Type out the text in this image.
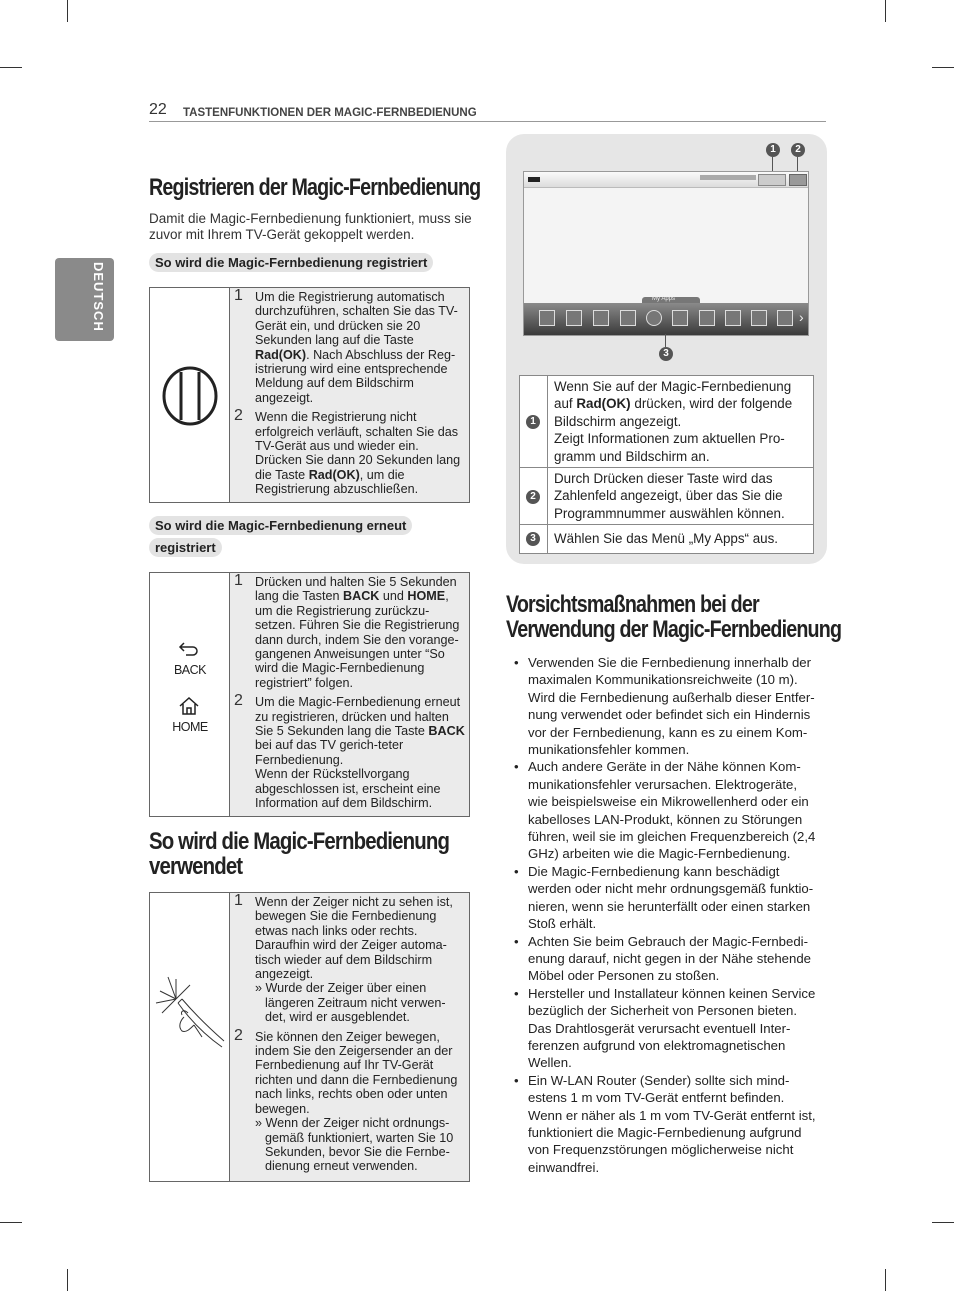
22 TASTENFUNKTIONEN DER MAGIC-FERNBEDIENUNG
DEUTSCH
Registrieren der Magic-Fernbedienung
Damit die Magic-Fernbedienung funktioniert, muss sie zuvor mit Ihrem TV-Gerät gekoppelt werden.
So wird die Magic-Fernbedienung registriert
1 Um die Registrierung automatisch durchzuführen, schalten Sie das TV-Gerät ein, und drücken sie 20 Sekunden lang auf die Taste Rad(OK). Nach Abschluss der Reg-istrierung wird eine entsprechende Meldung auf dem Bildschirm angezeigt.
2 Wenn die Registrierung nicht erfolgreich verläuft, schalten Sie das TV-Gerät aus und wieder ein. Drücken Sie dann 20 Sekunden lang die Taste Rad(OK), um die Registrierung abzuschließen.
So wird die Magic-Fernbedienung erneut
registriert
BACK
HOME
1 Drücken und halten Sie 5 Sekunden lang die Tasten BACK und HOME, um die Registrierung zurückzu-setzen. Führen Sie die Registrierung dann durch, indem Sie den vorange-gangenen Anweisungen unter “So wird die Magic-Fernbedienung registriert” folgen.
2 Um die Magic-Fernbedienung erneut zu registrieren, drücken und halten Sie 5 Sekunden lang die Taste BACK bei auf das TV gerich-teter Fernbedienung.
Wenn der Rückstellvorgang abgeschlossen ist, erscheint eine Information auf dem Bildschirm.
So wird die Magic-Fernbedienung
verwendet
1 Wenn der Zeiger nicht zu sehen ist, bewegen Sie die Fernbedienung etwas nach links oder rechts. Daraufhin wird der Zeiger automa-tisch wieder auf dem Bildschirm angezeigt.
» Wurde der Zeiger über einen längeren Zeitraum nicht verwen-det, wird er ausgeblendet.
2 Sie können den Zeiger bewegen, indem Sie den Zeigersender an der Fernbedienung auf Ihr TV-Gerät richten und dann die Fernbedienung nach links, rechts oben oder unten bewegen.
» Wenn der Zeiger nicht ordnungs-gemäß funktioniert, warten Sie 10 Sekunden, bevor Sie die Fernbe-dienung erneut verwenden.
1	2
My Apps
›
3
1
Wenn Sie auf der Magic-Fernbedienung auf Rad(OK) drücken, wird der folgende Bildschirm angezeigt.
Zeigt Informationen zum aktuellen Pro-gramm und Bildschirm an.
2
Durch Drücken dieser Taste wird das Zahlenfeld angezeigt, über das Sie die Programmnummer auswählen können.
3	Wählen Sie das Menü „My Apps“ aus.
Vorsichtsmaßnahmen bei der
Verwendung der Magic-Fernbedienung
• Verwenden Sie die Fernbedienung innerhalb der maximalen Kommunikationsreichweite (10 m). Wird die Fernbedienung außerhalb dieser Entfer-nung verwendet oder befindet sich ein Hindernis vor der Fernbedienung, kann es zu einem Kom-munikationsfehler kommen.
• Auch andere Geräte in der Nähe können Kom-munikationsfehler verursachen. Elektrogeräte, wie beispielsweise ein Mikrowellenherd oder ein kabelloses LAN-Produkt, können zu Störungen führen, weil sie im gleichen Frequenzbereich (2,4 GHz) arbeiten wie die Magic-Fernbedienung.
• Die Magic-Fernbedienung kann beschädigt werden oder nicht mehr ordnungsgemäß funktio-nieren, wenn sie herunterfällt oder einen starken Stoß erhält.
• Achten Sie beim Gebrauch der Magic-Fernbedi-enung darauf, nicht gegen in der Nähe stehende Möbel oder Personen zu stoßen.
• Hersteller und Installateur können keinen Service bezüglich der Sicherheit von Personen bieten. Das Drahtlosgerät verursacht eventuell Inter-ferenzen aufgrund von elektromagnetischen Wellen.
• Ein W-LAN Router (Sender) sollte sich mind-estens 1 m vom TV-Gerät entfernt befinden. Wenn er näher als 1 m vom TV-Gerät entfernt ist, funktioniert die Magic-Fernbedienung aufgrund von Frequenzstörungen möglicherweise nicht einwandfrei.
